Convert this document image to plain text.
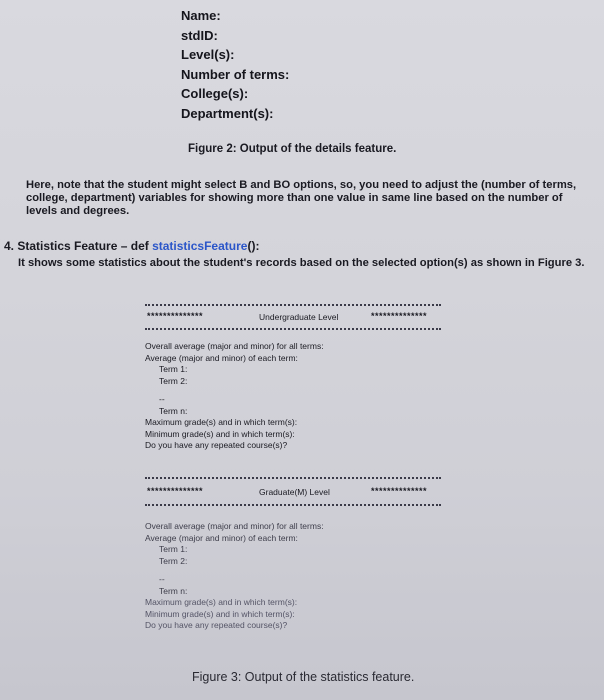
Name:
stdID:
Level(s):
Number of terms:
College(s):
Department(s):
Figure 2: Output of the details feature.
Here, note that the student might select B and BO options, so, you need to adjust the (number of terms, college, department) variables for showing more than one value in same line based on the number of levels and degrees.
4. Statistics Feature – def statisticsFeature():
It shows some statistics about the student's records based on the selected option(s) as shown in Figure 3.
**************	Undergraduate Level	**************
Overall average (major and minor) for all terms:
Average (major and minor) of each term:
Term 1:
Term 2:
--
Term n:
Maximum grade(s) and in which term(s):
Minimum grade(s) and in which term(s):
Do you have any repeated course(s)?
**************	Graduate(M) Level	**************
Overall average (major and minor) for all terms:
Average (major and minor) of each term:
Term 1:
Term 2:
--
Term n:
Maximum grade(s) and in which term(s):
Minimum grade(s) and in which term(s):
Do you have any repeated course(s)?
Figure 3: Output of the statistics feature.
